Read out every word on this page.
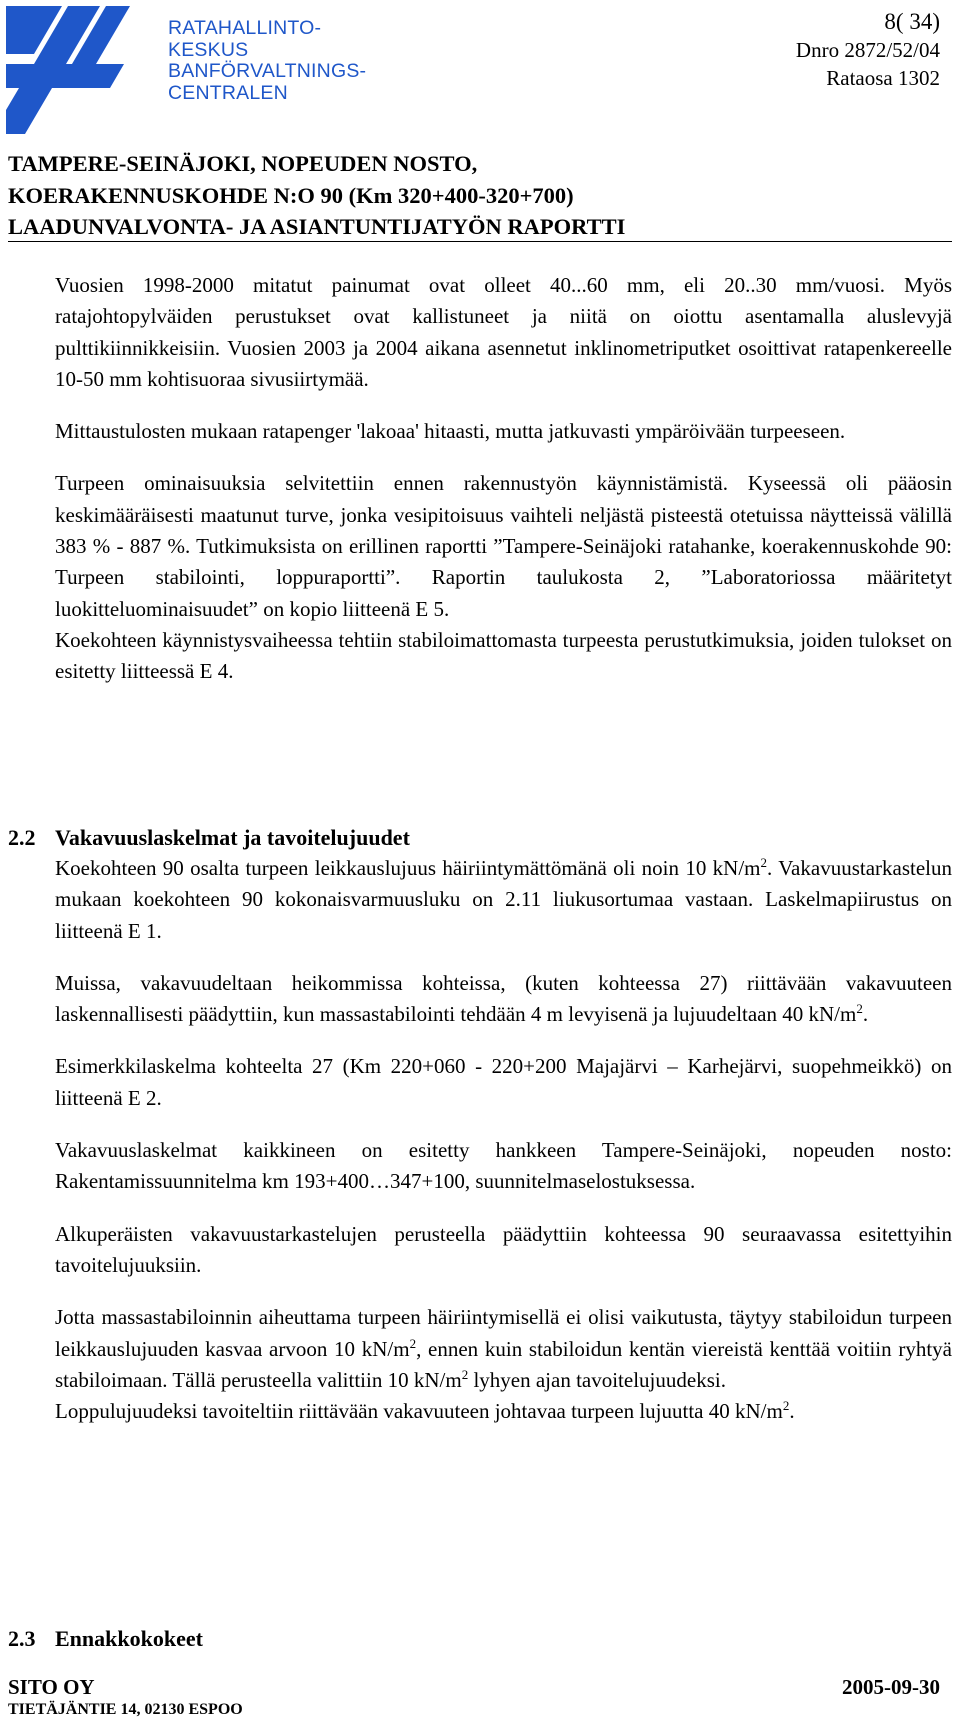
RATAHALLINTO-
KESKUS
BANFÖRVALTNINGS-
CENTRALEN
8( 34)
Dnro 2872/52/04
Rataosa 1302
TAMPERE-SEINÄJOKI, NOPEUDEN NOSTO,
KOERAKENNUSKOHDE N:O 90 (Km 320+400-320+700)
LAADUNVALVONTA- JA ASIANTUNTIJATYÖN RAPORTTI

Vuosien 1998-2000 mitatut painumat ovat olleet 40...60 mm, eli 20..30 mm/vuosi. Myös ratajohtopylväiden perustukset ovat kallistuneet ja niitä on oiottu asentamalla aluslevyjä pulttikiinnikkeisiin. Vuosien 2003 ja 2004 aikana asennetut inklinometriputket osoittivat ratapenkereelle 10-50 mm kohtisuoraa sivusiirtymää.

Mittaustulosten mukaan ratapenger 'lakoaa' hitaasti, mutta jatkuvasti ympäröivään turpeeseen.

Turpeen ominaisuuksia selvitettiin ennen rakennustyön käynnistämistä. Kyseessä oli pääosin keskimääräisesti maatunut turve, jonka vesipitoisuus vaihteli neljästä pisteestä otetuissa näytteissä välillä 383 % - 887 %. Tutkimuksista on erillinen raportti ”Tampere-Seinäjoki ratahanke, koerakennuskohde 90: Turpeen stabilointi, loppuraportti”. Raportin taulukosta 2, ”Laboratoriossa määritetyt luokitteluominaisuudet” on kopio liitteenä E 5.

Koekohteen käynnistysvaiheessa tehtiin stabiloimattomasta turpeesta perustutkimuksia, joiden tulokset on esitetty liitteessä E 4.

2.2 Vakavuuslaskelmat ja tavoitelujuudet

Koekohteen 90 osalta turpeen leikkauslujuus häiriintymättömänä oli noin 10 $kN/m^2$. Vakavuustarkastelun mukaan koekohteen 90 kokonaisvarmuusluku on 2.11 liukusortumaa vastaan. Laskelmapiirustus on liitteenä E 1.

Muissa, vakavuudeltaan heikommissa kohteissa, (kuten kohteessa 27) riittävään vakavuuteen laskennallisesti päädyttiin, kun massastabilointi tehdään 4 m levyisenä ja lujuudeltaan 40 $kN/m^2$.

Esimerkkilaskelma kohteelta 27 (Km 220+060 - 220+200 Majajärvi – Karhejärvi, suopehmeikkö) on liitteenä E 2.

Vakavuuslaskelmat kaikkineen on esitetty hankkeen Tampere-Seinäjoki, nopeuden nosto: Rakentamissuunnitelma km 193+400…347+100, suunnitelmaselostuksessa.

Alkuperäisten vakavuustarkastelujen perusteella päädyttiin kohteessa 90 seuraavassa esitettyihin tavoitelujuuksiin.

Jotta massastabiloinnin aiheuttama turpeen häiriintymisellä ei olisi vaikutusta, täytyy stabiloidun turpeen leikkauslujuuden kasvaa arvoon 10 $kN/m^2$, ennen kuin stabiloidun kentän viereistä kenttää voitiin ryhtyä stabiloimaan. Tällä perusteella valittiin 10 $kN/m^2$ lyhyen ajan tavoitelujuudeksi.

Loppulujuudeksi tavoiteltiin riittävään vakavuuteen johtavaa turpeen lujuutta 40 $kN/m^2$.

2.3 Ennakkokokeet
SITO OY
TIETÄJÄNTIE 14, 02130 ESPOO
2005-09-30
